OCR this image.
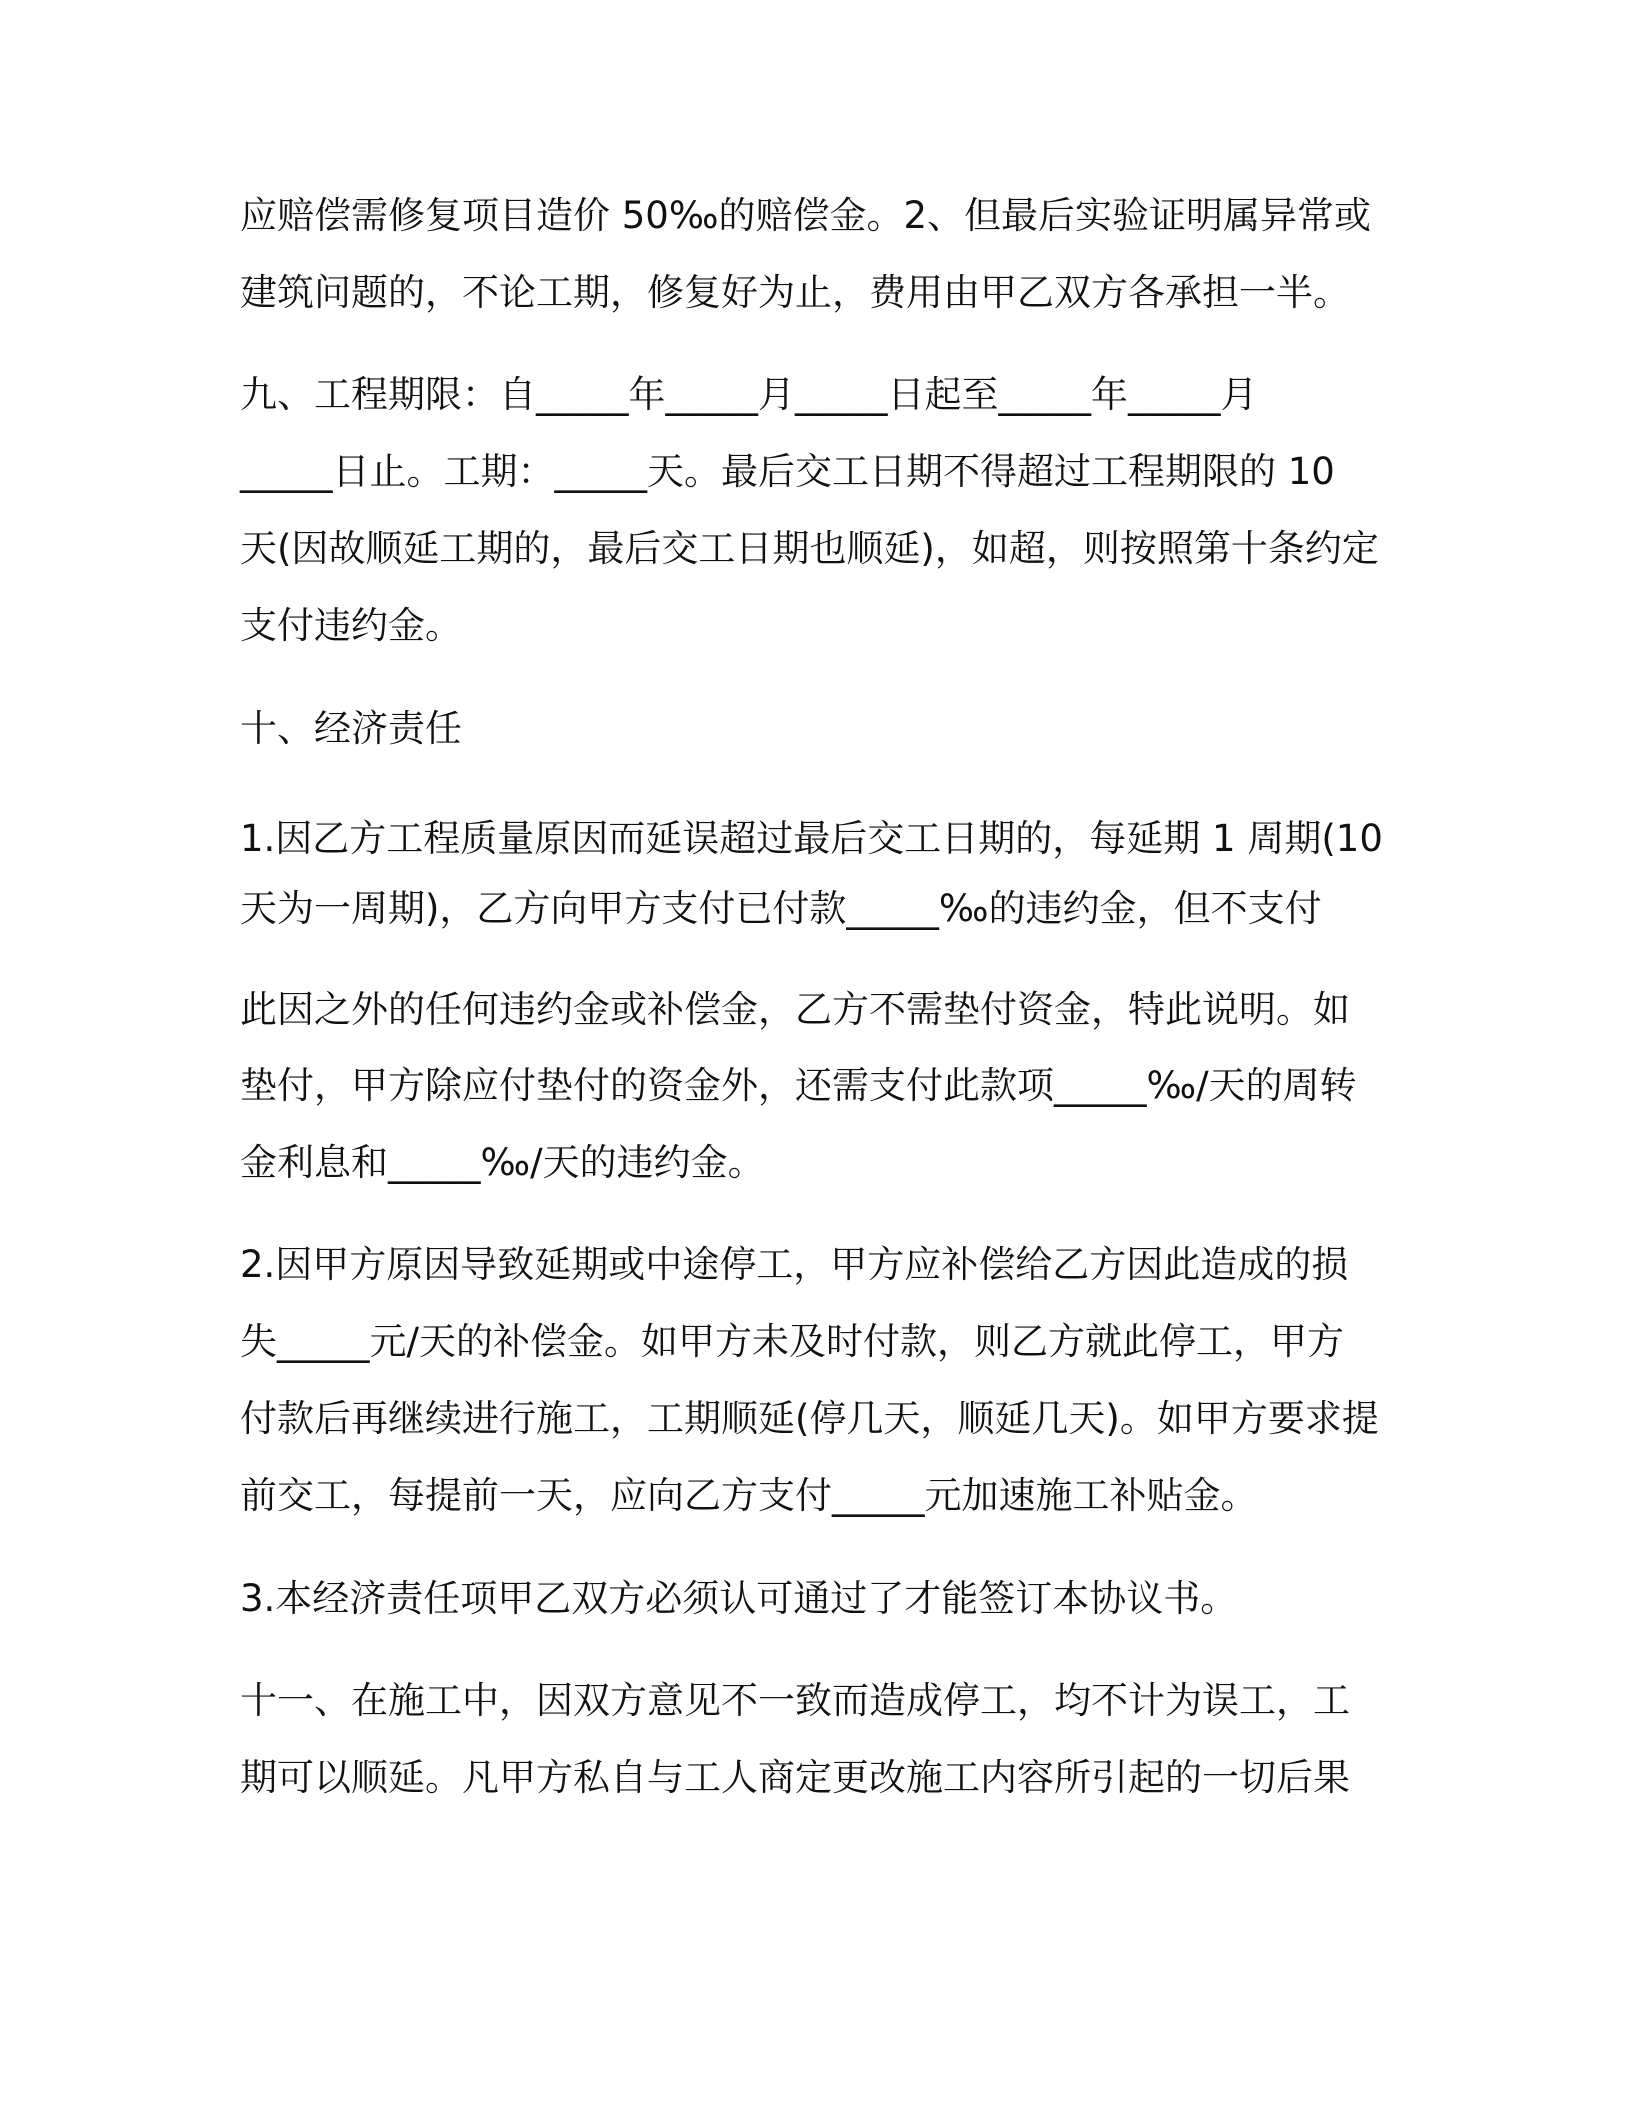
应赔偿需修复项目造价 50‰的赔偿金。2、但最后实验证明属异常或

建筑问题的，不论工期，修复好为止，费用由甲乙双方各承担一半。

九、工程期限：自_____年_____月_____日起至_____年_____月

_____日止。工期：_____天。最后交工日期不得超过工程期限的 10

天(因故顺延工期的，最后交工日期也顺延)，如超，则按照第十条约定

支付违约金。

十、经济责任

1.因乙方工程质量原因而延误超过最后交工日期的，每延期 1 周期(10

天为一周期)，乙方向甲方支付已付款_____‰的违约金，但不支付

此因之外的任何违约金或补偿金，乙方不需垫付资金，特此说明。如

垫付，甲方除应付垫付的资金外，还需支付此款项_____‰/天的周转

金利息和_____‰/天的违约金。

2.因甲方原因导致延期或中途停工，甲方应补偿给乙方因此造成的损

失_____元/天的补偿金。如甲方未及时付款，则乙方就此停工，甲方

付款后再继续进行施工，工期顺延(停几天，顺延几天)。如甲方要求提

前交工，每提前一天，应向乙方支付_____元加速施工补贴金。

3.本经济责任项甲乙双方必须认可通过了才能签订本协议书。

十一、在施工中，因双方意见不一致而造成停工，均不计为误工，工

期可以顺延。凡甲方私自与工人商定更改施工内容所引起的一切后果
